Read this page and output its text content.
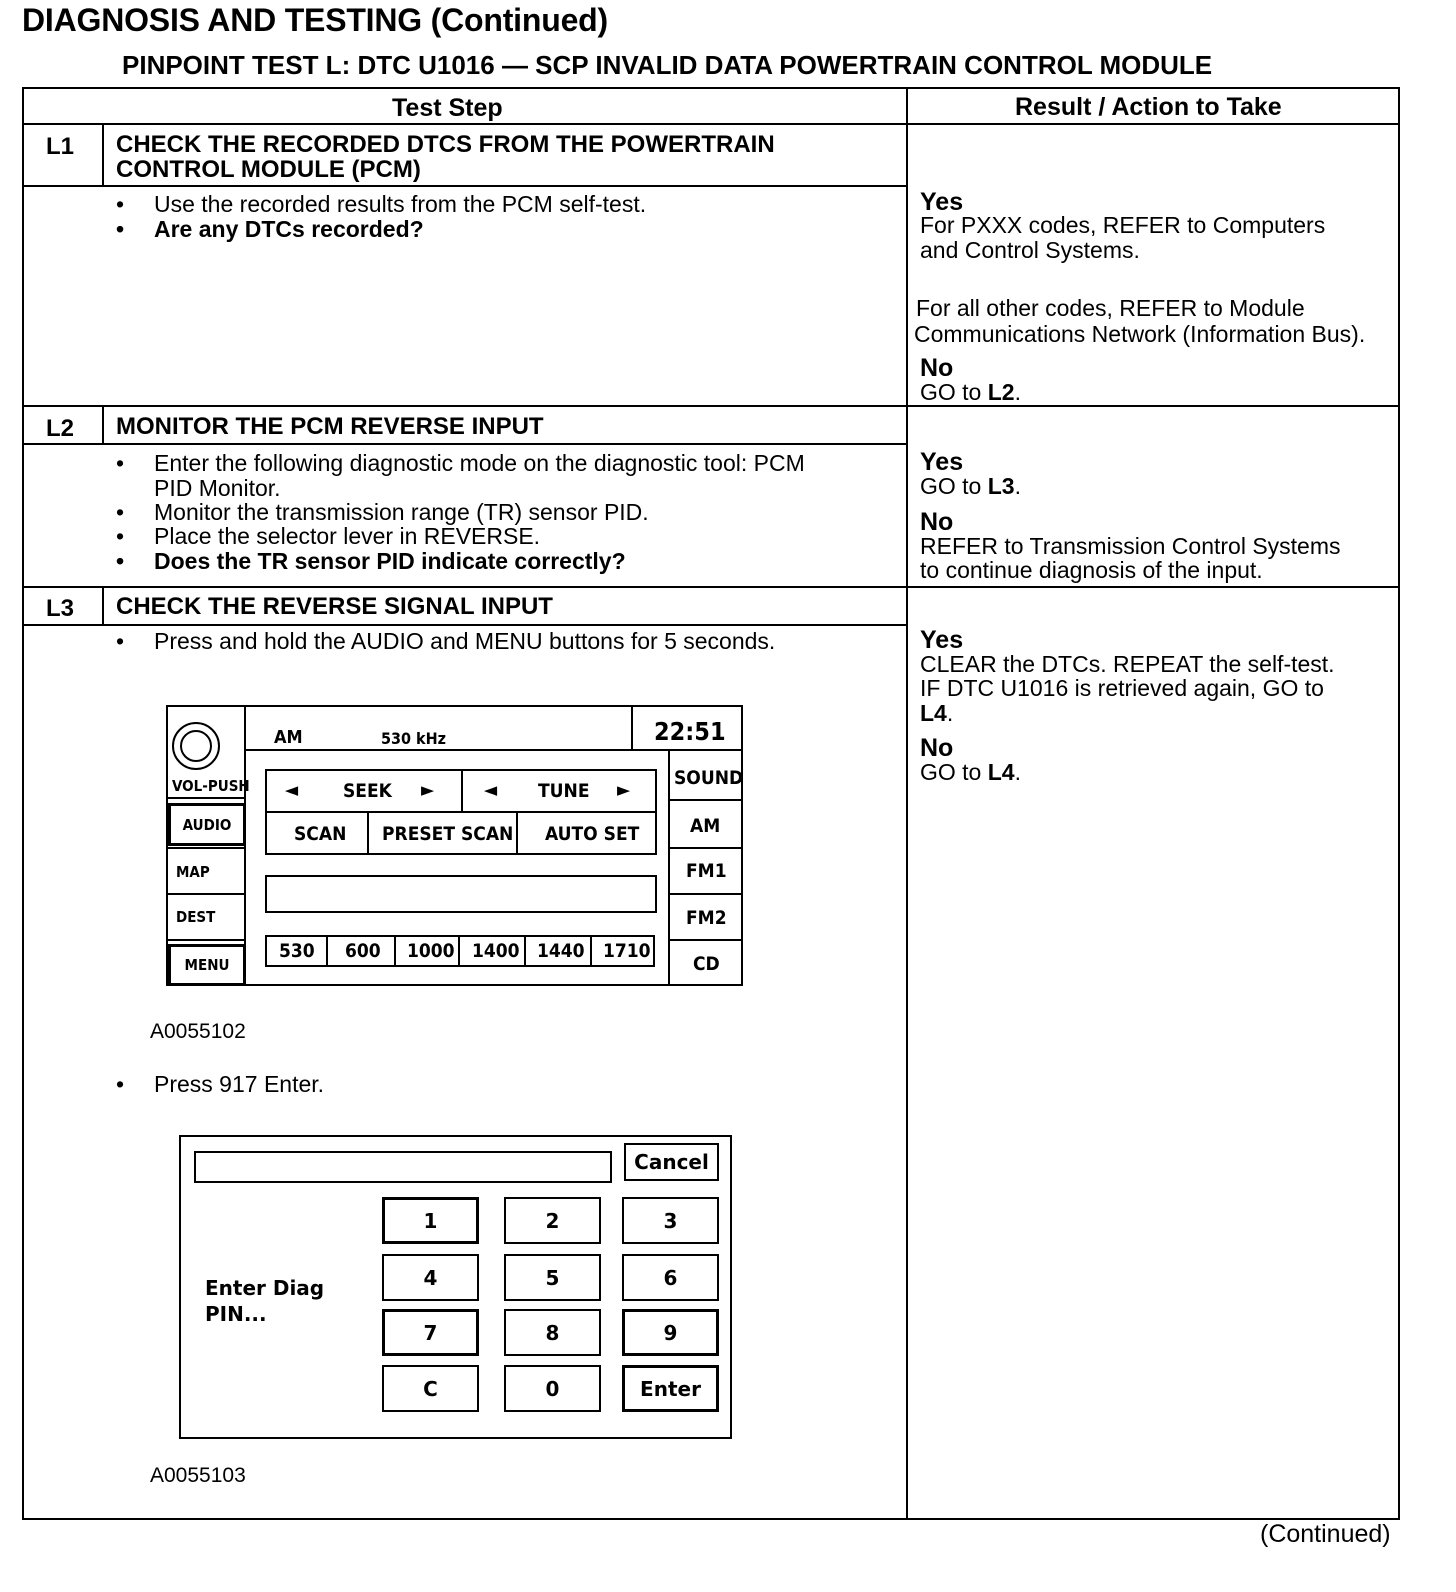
DIAGNOSIS AND TESTING (Continued)
PINPOINT TEST L: DTC U1016 — SCP INVALID DATA POWERTRAIN CONTROL MODULE
Test Step	Result / Action to Take
L1 CHECK THE RECORDED DTCS FROM THE POWERTRAIN
CONTROL MODULE (PCM)
• Use the recorded results from the PCM self-test.
• Are any DTCs recorded?
Yes
For PXXX codes, REFER to Computers
and Control Systems.
For all other codes, REFER to Module
Communications Network (Information Bus).
No
GO to L2.
L2 MONITOR THE PCM REVERSE INPUT
• Enter the following diagnostic mode on the diagnostic tool: PCM
PID Monitor.
• Monitor the transmission range (TR) sensor PID.
• Place the selector lever in REVERSE.
• Does the TR sensor PID indicate correctly?
Yes
GO to L3.
No
REFER to Transmission Control Systems
to continue diagnosis of the input.
L3 CHECK THE REVERSE SIGNAL INPUT
• Press and hold the AUDIO and MENU buttons for 5 seconds.
VOL-PUSH
AUDIO
MAP
DEST
MENU
AM	530 kHz	22:51
SOUND
AM
FM1
FM2
CD
◄ SEEK ►	◄ TUNE ►
SCAN PRESET SCAN AUTO SET
530 600 1000 1400 1440 1710
A0055102
• Press 917 Enter.
Cancel
Enter Diag
PIN...
1	2	3
4	5	6
7	8	9
C	0	Enter
A0055103
Yes
CLEAR the DTCs. REPEAT the self-test.
IF DTC U1016 is retrieved again, GO to
L4.
No
GO to L4.
(Continued)
